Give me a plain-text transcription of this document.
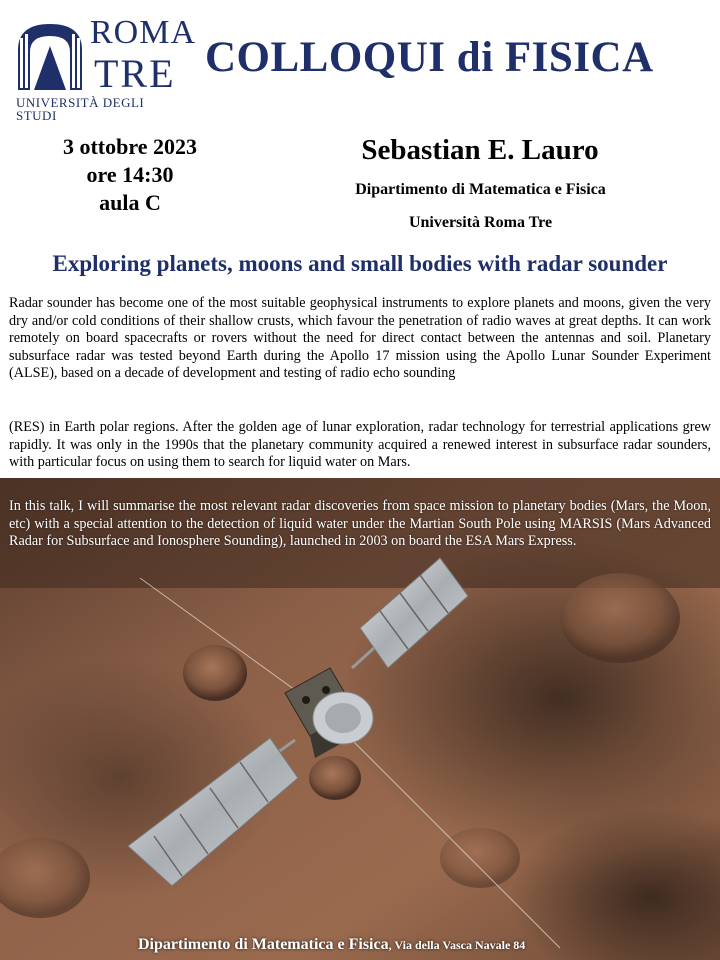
ROMA
TRE
UNIVERSITÀ DEGLI STUDI
COLLOQUI di FISICA
3 ottobre 2023
ore 14:30
aula C
Sebastian E. Lauro
Dipartimento di Matematica e Fisica
Università Roma Tre
Exploring planets, moons and small bodies with radar sounder

Radar sounder has become one of the most suitable geophysical instruments to explore planets and moons, given the very dry and/or cold conditions of their shallow crusts, which favour the penetration of radio waves at great depths. It can work remotely on board spacecrafts or rovers without the need for direct contact between the antennas and soil. Planetary subsurface radar was tested beyond Earth during the Apollo 17 mission using the Apollo Lunar Sounder Experiment (ALSE), based on a decade of development and testing of radio echo sounding

(RES) in Earth polar regions. After the golden age of lunar exploration, radar technology for terrestrial applications grew rapidly. It was only in the 1990s that the planetary community acquired a renewed interest in subsurface radar sounders, with particular focus on using them to search for liquid water on Mars.

In this talk, I will summarise the most relevant radar discoveries from space mission to planetary bodies (Mars, the Moon, etc) with a special attention to the detection of liquid water under the Martian South Pole using MARSIS (Mars Advanced Radar for Subsurface and Ionosphere Sounding), launched in 2003 on board the ESA Mars Express.

Dipartimento di Matematica e Fisica, Via della Vasca Navale 84
